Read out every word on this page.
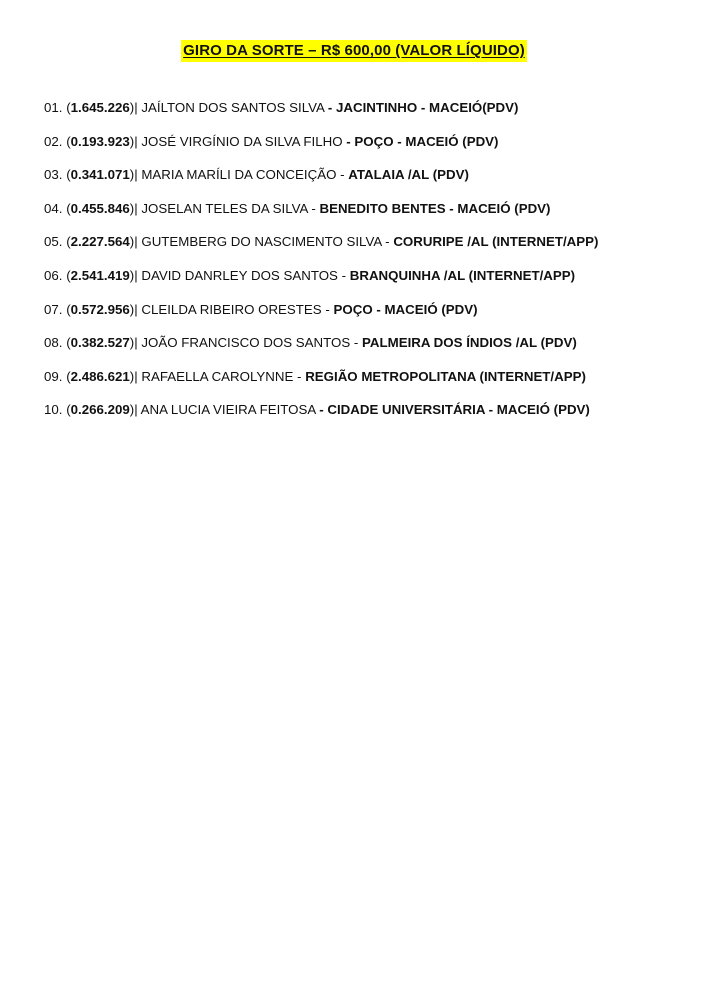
GIRO DA SORTE – R$ 600,00 (VALOR LÍQUIDO)
01. (1.645.226)| JAÍLTON DOS SANTOS SILVA - JACINTINHO - MACEIÓ(PDV)
02. (0.193.923)| JOSÉ VIRGÍNIO DA SILVA FILHO - POÇO - MACEIÓ (PDV)
03. (0.341.071)| MARIA MARÍLI DA CONCEIÇÃO - ATALAIA /AL (PDV)
04. (0.455.846)| JOSELAN TELES DA SILVA - BENEDITO BENTES - MACEIÓ (PDV)
05. (2.227.564)| GUTEMBERG DO NASCIMENTO SILVA - CORURIPE /AL (INTERNET/APP)
06. (2.541.419)| DAVID DANRLEY DOS SANTOS - BRANQUINHA /AL (INTERNET/APP)
07. (0.572.956)| CLEILDA RIBEIRO ORESTES - POÇO - MACEIÓ (PDV)
08. (0.382.527)| JOÃO FRANCISCO DOS SANTOS - PALMEIRA DOS ÍNDIOS /AL (PDV)
09. (2.486.621)| RAFAELLA CAROLYNNE - REGIÃO METROPOLITANA (INTERNET/APP)
10. (0.266.209)| ANA LUCIA VIEIRA FEITOSA - CIDADE UNIVERSITÁRIA - MACEIÓ (PDV)
